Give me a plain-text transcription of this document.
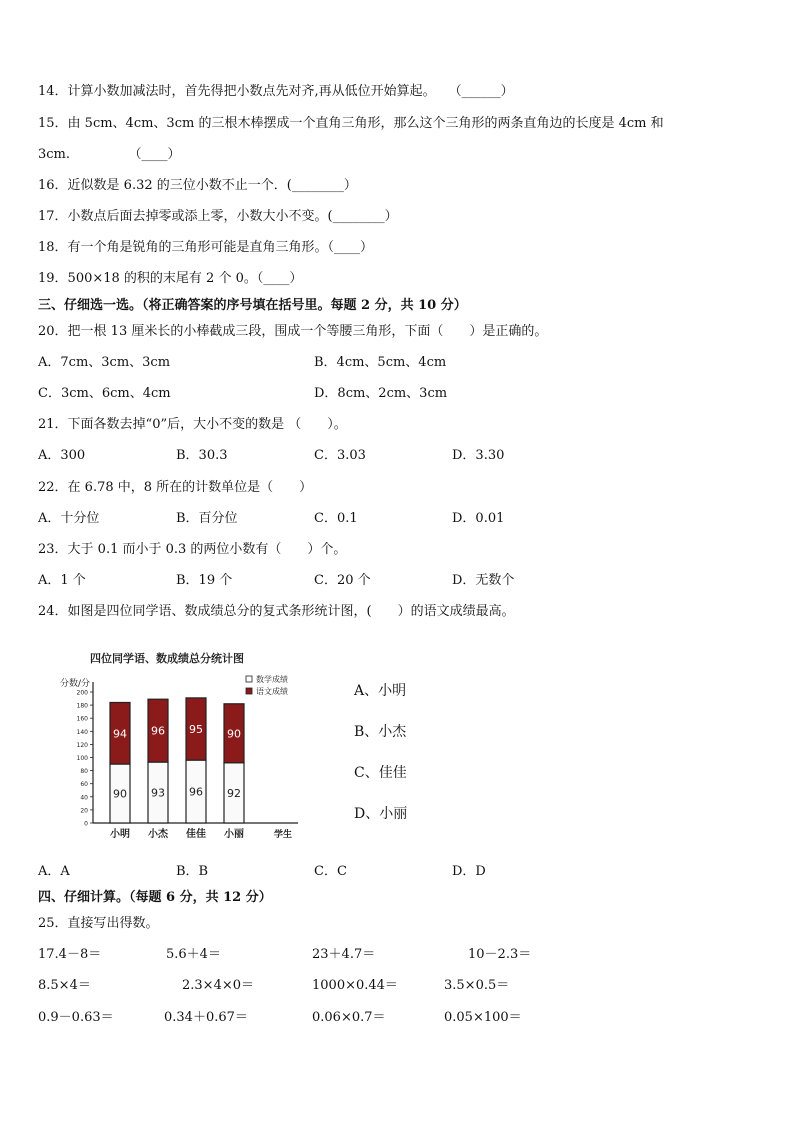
14．计算小数加减法时，首先得把小数点先对齐,再从低位开始算起。　　（______）
15．由 5cm、4cm、3cm 的三根木棒摆成一个直角三角形，那么这个三角形的两条直角边的长度是 4cm 和
3cm.　　　　　（____）
16．近似数是 6.32 的三位小数不止一个．(________）
17．小数点后面去掉零或添上零，小数大小不变。(________）
18．有一个角是锐角的三角形可能是直角三角形。（____）
19．500×18 的积的末尾有 2 个 0。（____）
三、仔细选一选。（将正确答案的序号填在括号里。每题 2 分，共 10 分）
20．把一根 13 厘米长的小棒截成三段，围成一个等腰三角形，下面（　　）是正确的。
A．7cm、3cm、3cm	B．4cm、5cm、4cm
C．3cm、6cm、4cm	D．8cm、2cm、3cm
21．下面各数去掉“0”后，大小不变的数是 （　　）。
A．300	B．30.3	C．3.03	D．3.30
22．在 6.78 中，8 所在的计数单位是（　　）
A．十分位	B．百分位	C．0.1	D．0.01
23．大于 0.1 而小于 0.3 的两位小数有（　　）个。
A．1 个	B．19 个	C．20 个	D．无数个
24．如图是四位同学语、数成绩总分的复式条形统计图，(　　）的语文成绩最高。
四位同学语、数成绩总分统计图
分数/分
0
20
40
60
80
100
120
140
160
180
200
学生
数学成绩
语文成绩
90
94
小明
93
96
小杰
96
95
佳佳
92
90
小丽
A、小明
B、小杰
C、佳佳
D、小丽
A．A	B．B	C．C	D．D
四、仔细计算。（每题 6 分，共 12 分）
25．直接写出得数。
17.4－8＝	5.6＋4＝	23＋4.7＝	10－2.3＝
8.5×4＝	2.3×4×0＝	1000×0.44＝	3.5×0.5＝
0.9－0.63＝	0.34＋0.67＝	0.06×0.7＝	0.05×100＝
